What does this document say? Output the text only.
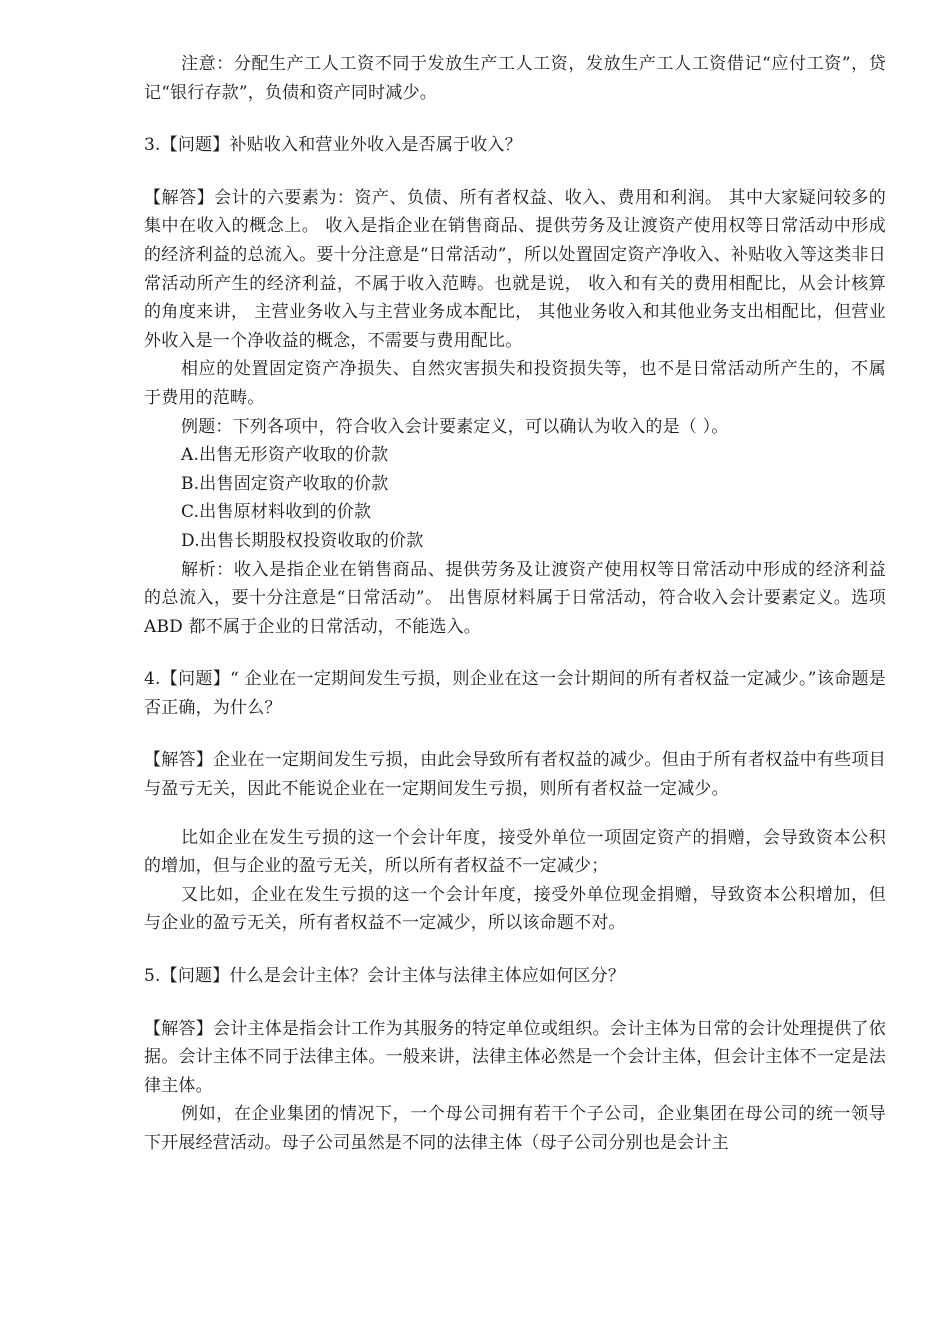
注意：分配生产工人工资不同于发放生产工人工资，发放生产工人工资借记“应付工资”，贷记“银行存款”，负债和资产同时减少。

3.【问题】补贴收入和营业外收入是否属于收入？

【解答】会计的六要素为：资产、负债、所有者权益、收入、费用和利润。 其中大家疑问较多的集中在收入的概念上。 收入是指企业在销售商品、提供劳务及让渡资产使用权等日常活动中形成的经济利益的总流入。要十分注意是“日常活动”，所以处置固定资产净收入、补贴收入等这类非日常活动所产生的经济利益，不属于收入范畴。也就是说， 收入和有关的费用相配比，从会计核算的角度来讲， 主营业务收入与主营业务成本配比， 其他业务收入和其他业务支出相配比，但营业外收入是一个净收益的概念，不需要与费用配比。

相应的处置固定资产净损失、自然灾害损失和投资损失等，也不是日常活动所产生的，不属于费用的范畴。

例题：下列各项中，符合收入会计要素定义，可以确认为收入的是（ ）。

A.出售无形资产收取的价款

B.出售固定资产收取的价款

C.出售原材料收到的价款

D.出售长期股权投资收取的价款

解析：收入是指企业在销售商品、提供劳务及让渡资产使用权等日常活动中形成的经济利益的总流入，要十分注意是“日常活动”。 出售原材料属于日常活动，符合收入会计要素定义。选项 ABD 都不属于企业的日常活动，不能选入。

4.【问题】“ 企业在一定期间发生亏损，则企业在这一会计期间的所有者权益一定减少。”该命题是否正确，为什么？

【解答】企业在一定期间发生亏损，由此会导致所有者权益的减少。但由于所有者权益中有些项目与盈亏无关，因此不能说企业在一定期间发生亏损，则所有者权益一定减少。

比如企业在发生亏损的这一个会计年度，接受外单位一项固定资产的捐赠，会导致资本公积的增加，但与企业的盈亏无关，所以所有者权益不一定减少；

又比如，企业在发生亏损的这一个会计年度，接受外单位现金捐赠，导致资本公积增加，但与企业的盈亏无关，所有者权益不一定减少，所以该命题不对。

5.【问题】什么是会计主体？会计主体与法律主体应如何区分？

【解答】会计主体是指会计工作为其服务的特定单位或组织。会计主体为日常的会计处理提供了依据。会计主体不同于法律主体。一般来讲，法律主体必然是一个会计主体，但会计主体不一定是法律主体。

例如，在企业集团的情况下，一个母公司拥有若干个子公司，企业集团在母公司的统一领导下开展经营活动。母子公司虽然是不同的法律主体（母子公司分别也是会计主
